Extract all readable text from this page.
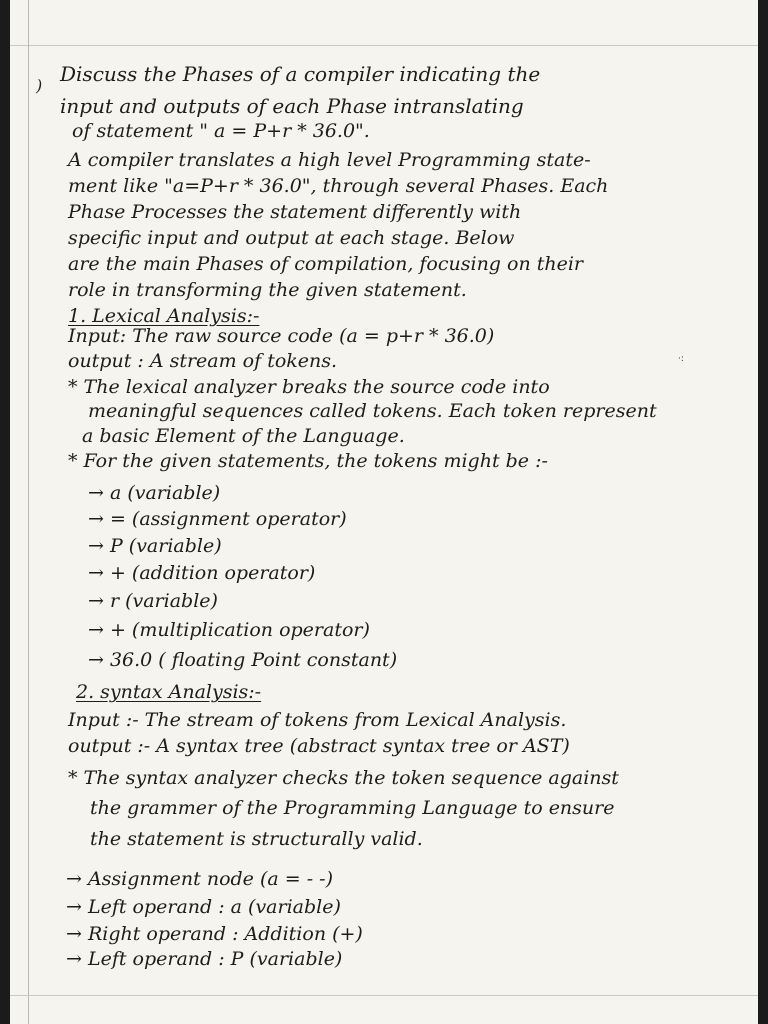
) Discuss the Phases of a compiler indicating the
input and outputs of each Phase intranslating
of statement " a = P+r * 36.0".
A compiler translates a high level Programming state-
ment like "a=P+r * 36.0", through several Phases. Each
Phase Processes the statement differently with
specific input and output at each stage. Below
are the main Phases of compilation, focusing on their
role in transforming the given statement.
1. Lexical Analysis:-
Input: The raw source code (a = p+r * 36.0)
output : A stream of tokens.	·:
* The lexical analyzer breaks the source code into
meaningful sequences called tokens. Each token represent
a basic Element of the Language.
* For the given statements, the tokens might be :-
→ a (variable)
→ = (assignment operator)
→ P (variable)
→ + (addition operator)
→ r (variable)
→ + (multiplication operator)
→ 36.0 ( floating Point constant)
2. syntax Analysis:-
Input :- The stream of tokens from Lexical Analysis.
output :- A syntax tree (abstract syntax tree or AST)
* The syntax analyzer checks the token sequence against
the grammer of the Programming Language to ensure
the statement is structurally valid.
→ Assignment node (a = - -)
→ Left operand : a (variable)
→ Right operand : Addition (+)
→ Left operand : P (variable)
